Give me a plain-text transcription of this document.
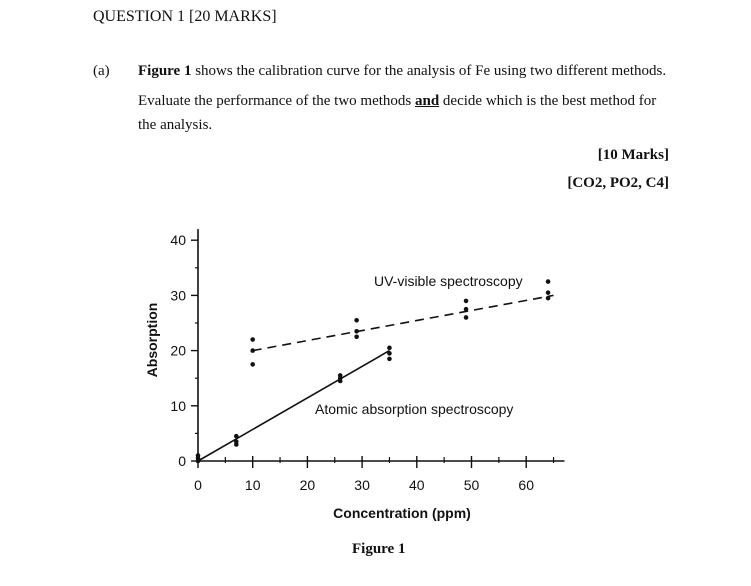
QUESTION 1 [20 MARKS]
(a) Figure 1 shows the calibration curve for the analysis of Fe using two different methods.
Evaluate the performance of the two methods and decide which is the best method for
the analysis.
[10 Marks]
[CO2, PO2, C4]
0	10	20	30	40	50	60
0
10
20
30
40
Concentration (ppm)
Absorption
UV-visible spectroscopy
Atomic absorption spectroscopy
Figure 1
